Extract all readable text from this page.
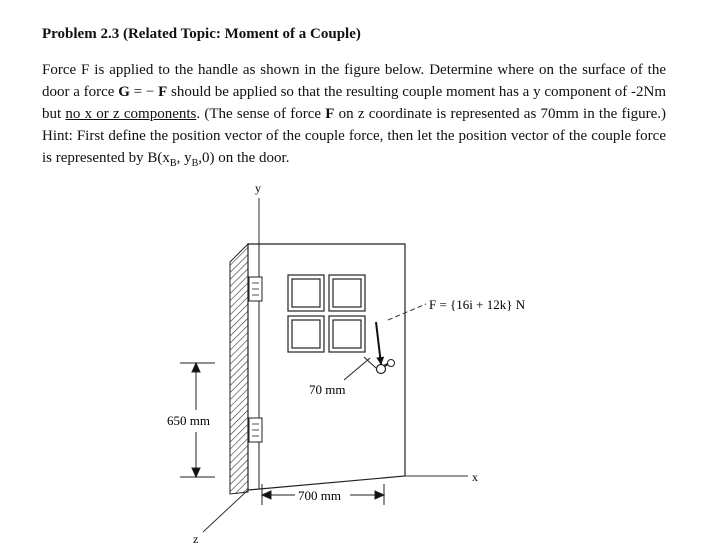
Problem 2.3 (Related Topic: Moment of a Couple)
Force F is applied to the handle as shown in the figure below. Determine where on the surface of the door a force G = − F should be applied so that the resulting couple moment has a y component of -2Nm but no x or z components. (The sense of force F on z coordinate is represented as 70mm in the figure.) Hint: First define the position vector of the couple force, then let the position vector of the couple force is represented by $B(x_B$, $y_B,0$) on the door.
y
F = {16i + 12k} N
70 mm
650 mm
700 mm
x
z
